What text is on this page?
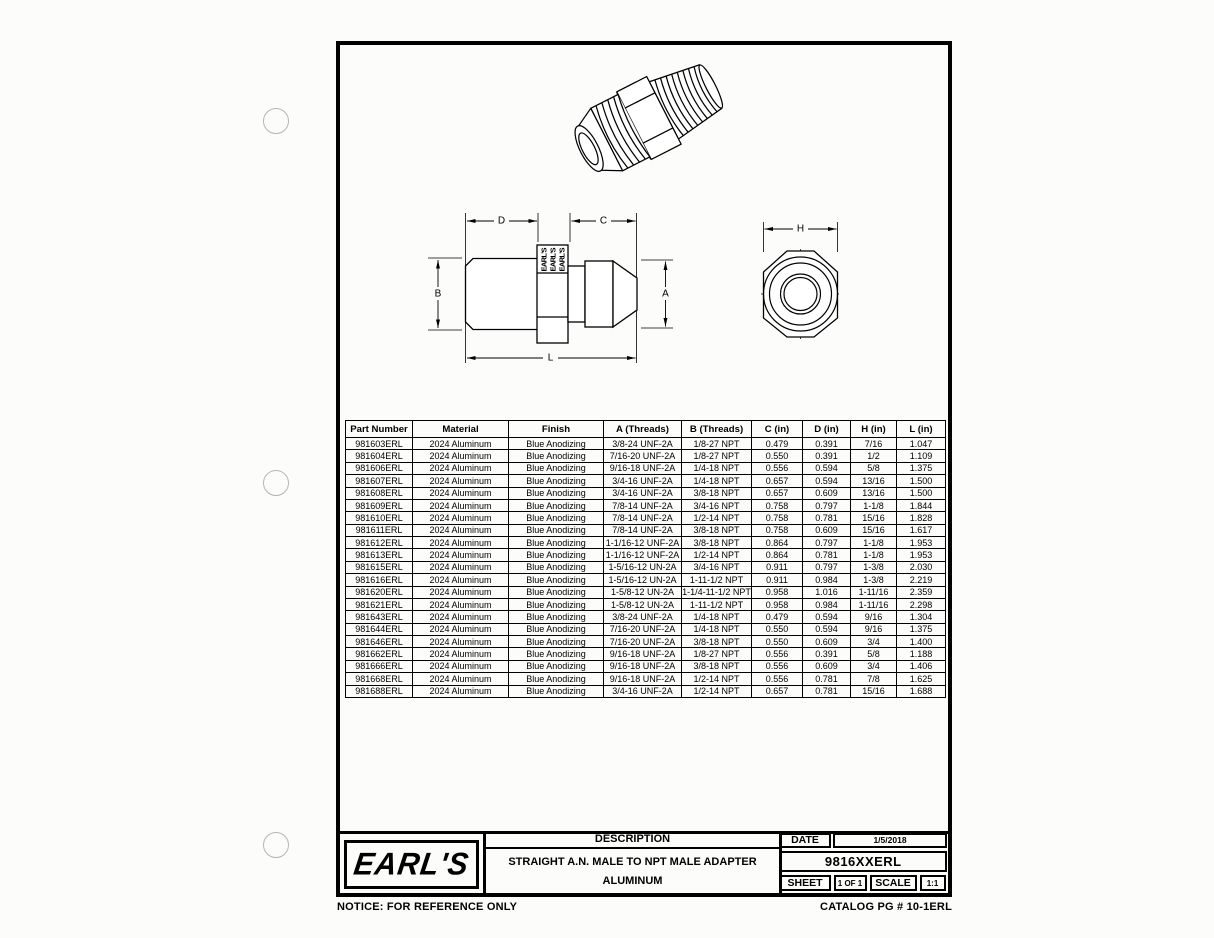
EARL'S
EARL'S
EARL'S
D	C
B	A
L
H
Part Number	Material	Finish	A (Threads)	B (Threads)	C (in)	D (in)	H (in)	L (in)
981603ERL	2024 Aluminum	Blue Anodizing	3/8-24 UNF-2A	1/8-27 NPT	0.479	0.391	7/16	1.047
981604ERL	2024 Aluminum	Blue Anodizing	7/16-20 UNF-2A	1/8-27 NPT	0.550	0.391	1/2	1.109
981606ERL	2024 Aluminum	Blue Anodizing	9/16-18 UNF-2A	1/4-18 NPT	0.556	0.594	5/8	1.375
981607ERL	2024 Aluminum	Blue Anodizing	3/4-16 UNF-2A	1/4-18 NPT	0.657	0.594	13/16	1.500
981608ERL	2024 Aluminum	Blue Anodizing	3/4-16 UNF-2A	3/8-18 NPT	0.657	0.609	13/16	1.500
981609ERL	2024 Aluminum	Blue Anodizing	7/8-14 UNF-2A	3/4-16 NPT	0.758	0.797	1-1/8	1.844
981610ERL	2024 Aluminum	Blue Anodizing	7/8-14 UNF-2A	1/2-14 NPT	0.758	0.781	15/16	1.828
981611ERL	2024 Aluminum	Blue Anodizing	7/8-14 UNF-2A	3/8-18 NPT	0.758	0.609	15/16	1.617
981612ERL	2024 Aluminum	Blue Anodizing	1-1/16-12 UNF-2A	3/8-18 NPT	0.864	0.797	1-1/8	1.953
981613ERL	2024 Aluminum	Blue Anodizing	1-1/16-12 UNF-2A	1/2-14 NPT	0.864	0.781	1-1/8	1.953
981615ERL	2024 Aluminum	Blue Anodizing	1-5/16-12 UN-2A	3/4-16 NPT	0.911	0.797	1-3/8	2.030
981616ERL	2024 Aluminum	Blue Anodizing	1-5/16-12 UN-2A	1-11-1/2 NPT	0.911	0.984	1-3/8	2.219
981620ERL	2024 Aluminum	Blue Anodizing	1-5/8-12 UN-2A	1-1/4-11-1/2 NPT	0.958	1.016	1-11/16	2.359
981621ERL	2024 Aluminum	Blue Anodizing	1-5/8-12 UN-2A	1-11-1/2 NPT	0.958	0.984	1-11/16	2.298
981643ERL	2024 Aluminum	Blue Anodizing	3/8-24 UNF-2A	1/4-18 NPT	0.479	0.594	9/16	1.304
981644ERL	2024 Aluminum	Blue Anodizing	7/16-20 UNF-2A	1/4-18 NPT	0.550	0.594	9/16	1.375
981646ERL	2024 Aluminum	Blue Anodizing	7/16-20 UNF-2A	3/8-18 NPT	0.550	0.609	3/4	1.400
981662ERL	2024 Aluminum	Blue Anodizing	9/16-18 UNF-2A	1/8-27 NPT	0.556	0.391	5/8	1.188
981666ERL	2024 Aluminum	Blue Anodizing	9/16-18 UNF-2A	3/8-18 NPT	0.556	0.609	3/4	1.406
981668ERL	2024 Aluminum	Blue Anodizing	9/16-18 UNF-2A	1/2-14 NPT	0.556	0.781	7/8	1.625
981688ERL	2024 Aluminum	Blue Anodizing	3/4-16 UNF-2A	1/2-14 NPT	0.657	0.781	15/16	1.688
EARL'S
DESCRIPTION
STRAIGHT A.N. MALE TO NPT MALE ADAPTER
ALUMINUM
DATE	1/5/2018
9816XXERL
SHEET	1 OF 1	SCALE	1:1
NOTICE: FOR REFERENCE ONLY	CATALOG PG # 10-1ERL
